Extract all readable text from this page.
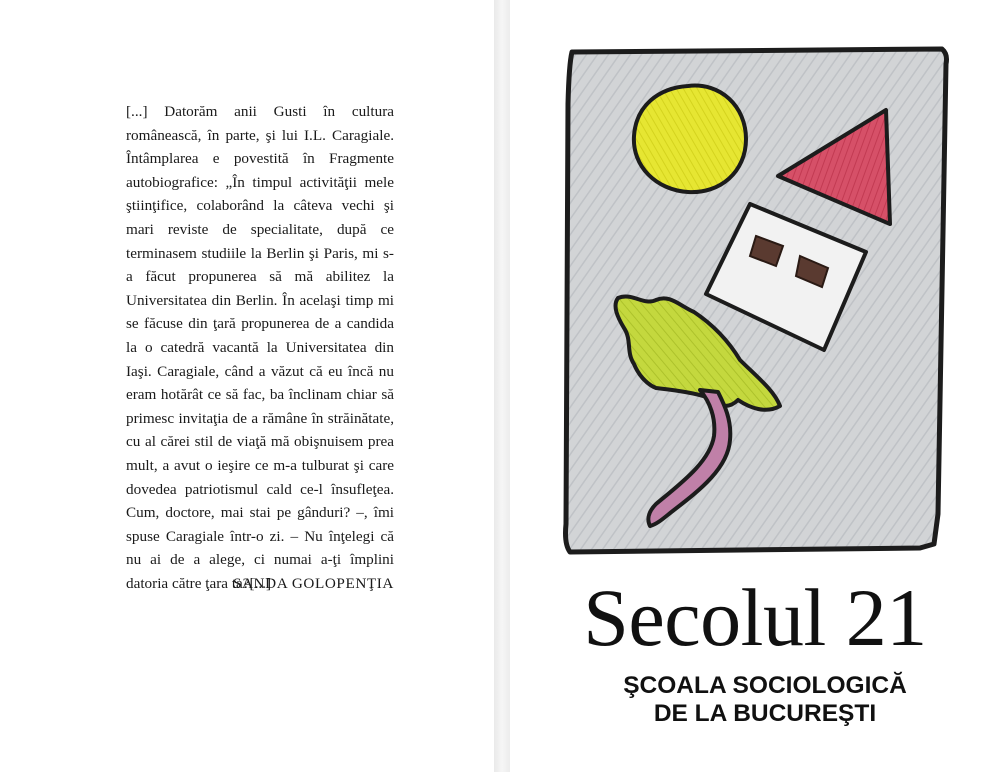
[...] Datorăm anii Gusti în cultura românească, în parte, şi lui I.L. Caragiale. Întâmplarea e povestită în Fragmente autobiografice: „În timpul activităţii mele ştiinţifice, colaborând la câteva vechi şi mari reviste de specialitate, după ce terminasem studiile la Berlin şi Paris, mi s-a făcut propunerea să mă abilitez la Universitatea din Berlin. În acelaşi timp mi se făcuse din ţară propunerea de a candida la o catedră vacantă la Universitatea din Iaşi. Caragiale, când a văzut că eu încă nu eram hotărât ce să fac, ba înclinam chiar să primesc invitaţia de a rămâne în străinătate, cu al cărei stil de viaţă mă obişnuisem prea mult, a avut o ieşire ce m-a tulburat şi care dovedea patriotismul cald ce-l însufleţea. Cum, doctore, mai stai pe gânduri? –, îmi spuse Caragiale într-o zi. – Nu înţelegi că nu ai de a alege, ci numai a-ţi împlini datoria către ţara ta?[...]

SANDA GOLOPENŢIA	Secolul 21
ŞCOALA SOCIOLOGICĂ
DE LA BUCUREŞTI
